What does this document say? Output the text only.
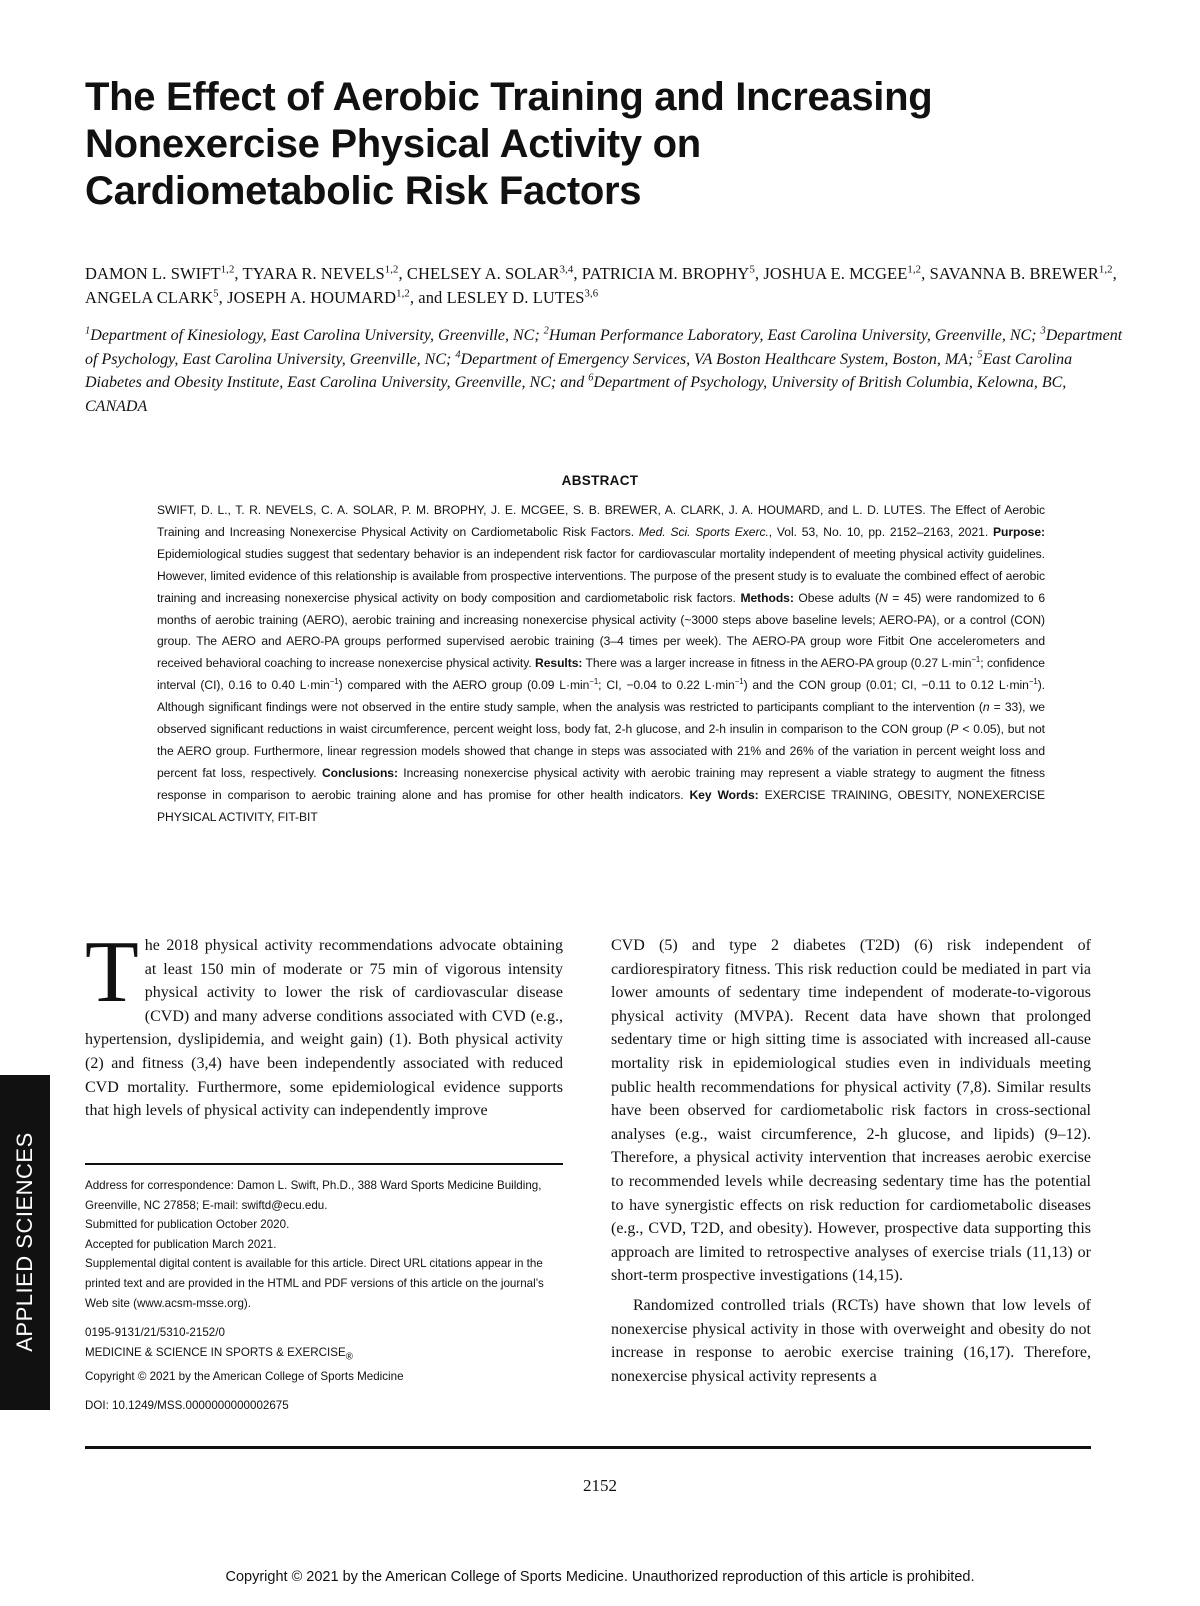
The Effect of Aerobic Training and Increasing
Nonexercise Physical Activity on
Cardiometabolic Risk Factors
DAMON L. SWIFT$^{1,2}$, TYARA R. NEVELS$^{1,2}$, CHELSEY A. SOLAR$^{3,4}$, PATRICIA M. BROPHY$^5$, JOSHUA E. MCGEE$^{1,2}$, SAVANNA B. BREWER$^{1,2}$, ANGELA CLARK$^5$, JOSEPH A. HOUMARD$^{1,2}$, and LESLEY D. LUTES$^{3,6}$
$^1$Department of Kinesiology, East Carolina University, Greenville, NC; $^2$Human Performance Laboratory, East Carolina University, Greenville, NC; $^3$Department of Psychology, East Carolina University, Greenville, NC; $^4$Department of Emergency Services, VA Boston Healthcare System, Boston, MA; $^5$East Carolina Diabetes and Obesity Institute, East Carolina University, Greenville, NC; and $^6$Department of Psychology, University of British Columbia, Kelowna, BC, CANADA
ABSTRACT

SWIFT, D. L., T. R. NEVELS, C. A. SOLAR, P. M. BROPHY, J. E. MCGEE, S. B. BREWER, A. CLARK, J. A. HOUMARD, and L. D. LUTES. The Effect of Aerobic Training and Increasing Nonexercise Physical Activity on Cardiometabolic Risk Factors. Med. Sci. Sports Exerc., Vol. 53, No. 10, pp. 2152–2163, 2021. Purpose: Epidemiological studies suggest that sedentary behavior is an independent risk factor for cardiovascular mortality independent of meeting physical activity guidelines. However, limited evidence of this relationship is available from prospective interventions. The purpose of the present study is to evaluate the combined effect of aerobic training and increasing nonexercise physical activity on body composition and cardiometabolic risk factors. Methods: Obese adults (N = 45) were randomized to 6 months of aerobic training (AERO), aerobic training and increasing nonexercise physical activity (~3000 steps above baseline levels; AERO-PA), or a control (CON) group. The AERO and AERO-PA groups performed supervised aerobic training (3–4 times per week). The AERO-PA group wore Fitbit One accelerometers and received behavioral coaching to increase nonexercise physical activity. Results: There was a larger increase in fitness in the AERO-PA group (0.27 $L\cdot\min^{-1}$; confidence interval (CI), 0.16 to 0.40 $L\cdot\min^{-1}$) compared with the AERO group (0.09 $L\cdot\min^{-1}$; CI, −0.04 to 0.22 $L\cdot\min^{-1}$) and the CON group (0.01; CI, −0.11 to 0.12 $L\cdot\min^{-1}$). Although significant findings were not observed in the entire study sample, when the analysis was restricted to participants compliant to the intervention (n = 33), we observed significant reductions in waist circumference, percent weight loss, body fat, 2-h glucose, and 2-h insulin in comparison to the CON group (P < 0.05), but not the AERO group. Furthermore, linear regression models showed that change in steps was associated with 21% and 26% of the variation in percent weight loss and percent fat loss, respectively. Conclusions: Increasing nonexercise physical activity with aerobic training may represent a viable strategy to augment the fitness response in comparison to aerobic training alone and has promise for other health indicators. Key Words: EXERCISE TRAINING, OBESITY, NONEXERCISE PHYSICAL ACTIVITY, FIT-BIT

The 2018 physical activity recommendations advocate obtaining at least 150 min of moderate or 75 min of vigorous intensity physical activity to lower the risk of cardiovascular disease (CVD) and many adverse conditions associated with CVD (e.g., hypertension, dyslipidemia, and weight gain) (1). Both physical activity (2) and fitness (3,4) have been independently associated with reduced CVD mortality. Furthermore, some epidemiological evidence supports that high levels of physical activity can independently improve

Address for correspondence: Damon L. Swift, Ph.D., 388 Ward Sports Medicine Building, Greenville, NC 27858; E-mail: swiftd@ecu.edu.

Submitted for publication October 2020.

Accepted for publication March 2021.

Supplemental digital content is available for this article. Direct URL citations appear in the printed text and are provided in the HTML and PDF versions of this article on the journal’s Web site (www.acsm-msse.org).

0195-9131/21/5310-2152/0

MEDICINE & SCIENCE IN SPORTS & $EXERCISE_®$

Copyright © 2021 by the American College of Sports Medicine

DOI: 10.1249/MSS.0000000000002675

CVD (5) and type 2 diabetes (T2D) (6) risk independent of cardiorespiratory fitness. This risk reduction could be mediated in part via lower amounts of sedentary time independent of moderate-to-vigorous physical activity (MVPA). Recent data have shown that prolonged sedentary time or high sitting time is associated with increased all-cause mortality risk in epidemiological studies even in individuals meeting public health recommendations for physical activity (7,8). Similar results have been observed for cardiometabolic risk factors in cross-sectional analyses (e.g., waist circumference, 2-h glucose, and lipids) (9–12). Therefore, a physical activity intervention that increases aerobic exercise to recommended levels while decreasing sedentary time has the potential to have synergistic effects on risk reduction for cardiometabolic diseases (e.g., CVD, T2D, and obesity). However, prospective data supporting this approach are limited to retrospective analyses of exercise trials (11,13) or short-term prospective investigations (14,15).

Randomized controlled trials (RCTs) have shown that low levels of nonexercise physical activity in those with overweight and obesity do not increase in response to aerobic exercise training (16,17). Therefore, nonexercise physical activity represents a

APPLIED SCIENCES
2152
Copyright © 2021 by the American College of Sports Medicine. Unauthorized reproduction of this article is prohibited.
